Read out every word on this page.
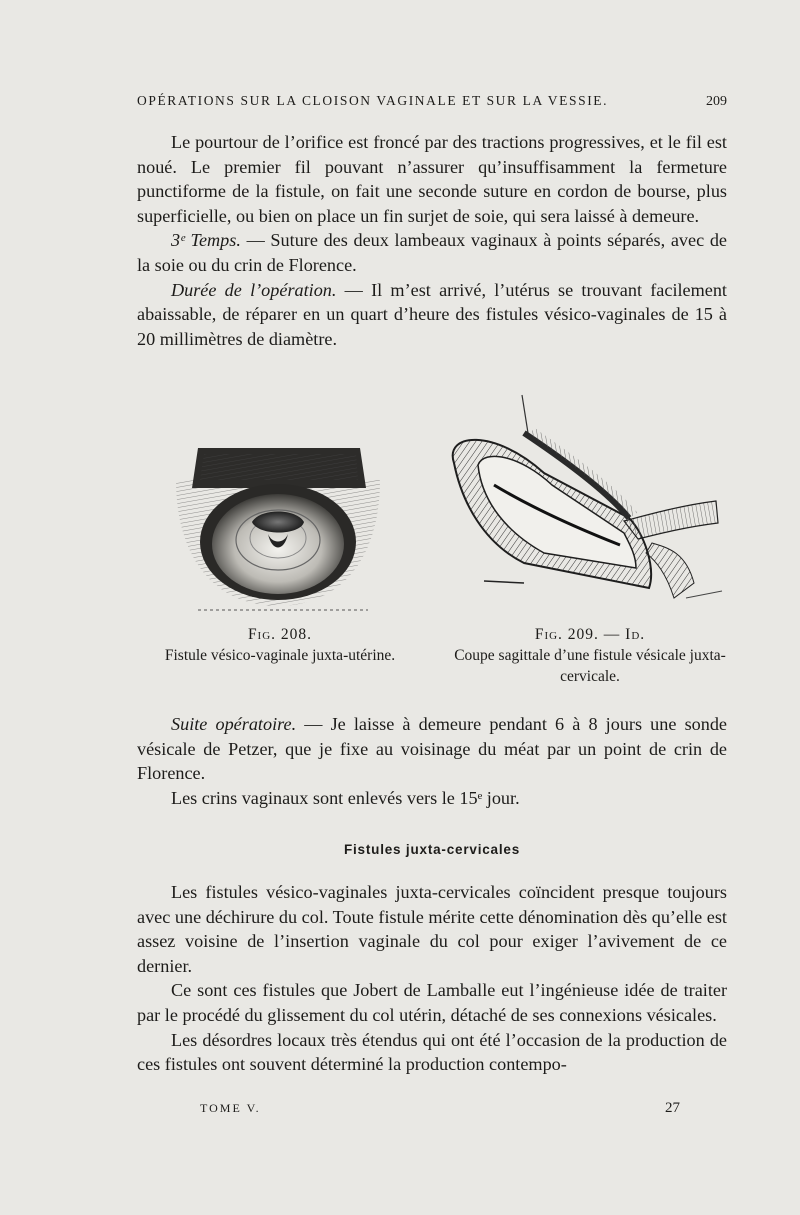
OPÉRATIONS SUR LA CLOISON VAGINALE ET SUR LA VESSIE.	209

Le pourtour de l’orifice est froncé par des tractions progressives, et le fil est noué. Le premier fil pouvant n’assurer qu’insuffisamment la fermeture punctiforme de la fistule, on fait une seconde suture en cordon de bourse, plus superficielle, ou bien on place un fin surjet de soie, qui sera laissé à demeure.

3ᵉ Temps. — Suture des deux lambeaux vaginaux à points séparés, avec de la soie ou du crin de Florence.

Durée de l’opération. — Il m’est arrivé, l’utérus se trouvant facilement abaissable, de réparer en un quart d’heure des fistules vésico-vaginales de 15 à 20 millimètres de diamètre.

Fig. 208.
Fistule vésico-vaginale juxta-utérine.
Fig. 209. — Id.
Coupe sagittale d’une fistule vésicale juxta-cervicale.

Suite opératoire. — Je laisse à demeure pendant 6 à 8 jours une sonde vésicale de Petzer, que je fixe au voisinage du méat par un point de crin de Florence.

Les crins vaginaux sont enlevés vers le 15ᵉ jour.

Fistules juxta-cervicales

Les fistules vésico-vaginales juxta-cervicales coïncident presque toujours avec une déchirure du col. Toute fistule mérite cette dénomination dès qu’elle est assez voisine de l’insertion vaginale du col pour exiger l’avivement de ce dernier.

Ce sont ces fistules que Jobert de Lamballe eut l’ingénieuse idée de traiter par le procédé du glissement du col utérin, détaché de ses connexions vésicales.

Les désordres locaux très étendus qui ont été l’occasion de la production de ces fistules ont souvent déterminé la production contempo-

TOME V.	27
